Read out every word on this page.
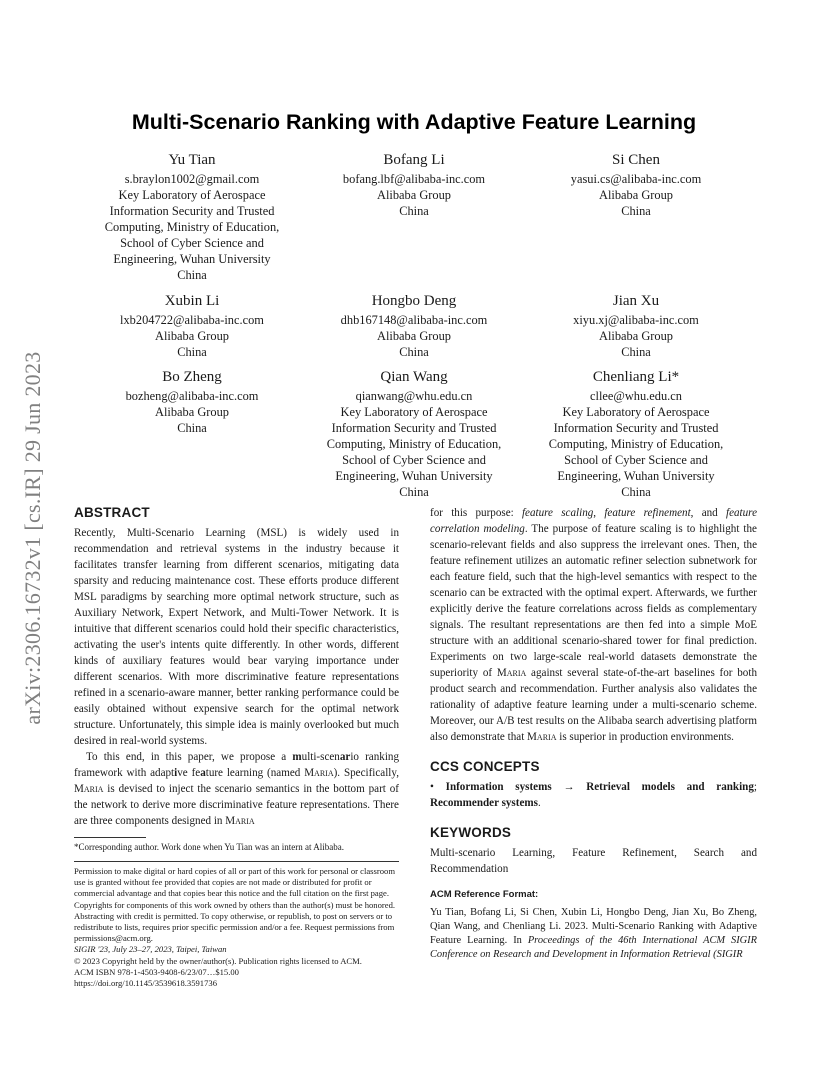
arXiv:2306.16732v1 [cs.IR] 29 Jun 2023
Multi-Scenario Ranking with Adaptive Feature Learning
Yu Tian
s.braylon1002@gmail.com
Key Laboratory of Aerospace
Information Security and Trusted
Computing, Ministry of Education,
School of Cyber Science and
Engineering, Wuhan University
China
Bofang Li
bofang.lbf@alibaba-inc.com
Alibaba Group
China
Si Chen
yasui.cs@alibaba-inc.com
Alibaba Group
China
Xubin Li
lxb204722@alibaba-inc.com
Alibaba Group
China
Hongbo Deng
dhb167148@alibaba-inc.com
Alibaba Group
China
Jian Xu
xiyu.xj@alibaba-inc.com
Alibaba Group
China
Bo Zheng
bozheng@alibaba-inc.com
Alibaba Group
China
Qian Wang
qianwang@whu.edu.cn
Key Laboratory of Aerospace
Information Security and Trusted
Computing, Ministry of Education,
School of Cyber Science and
Engineering, Wuhan University
China
Chenliang Li*
cllee@whu.edu.cn
Key Laboratory of Aerospace
Information Security and Trusted
Computing, Ministry of Education,
School of Cyber Science and
Engineering, Wuhan University
China
ABSTRACT

Recently, Multi-Scenario Learning (MSL) is widely used in recommendation and retrieval systems in the industry because it facilitates transfer learning from different scenarios, mitigating data sparsity and reducing maintenance cost. These efforts produce different MSL paradigms by searching more optimal network structure, such as Auxiliary Network, Expert Network, and Multi-Tower Network. It is intuitive that different scenarios could hold their specific characteristics, activating the user's intents quite differently. In other words, different kinds of auxiliary features would bear varying importance under different scenarios. With more discriminative feature representations refined in a scenario-aware manner, better ranking performance could be easily obtained without expensive search for the optimal network structure. Unfortunately, this simple idea is mainly overlooked but much desired in real-world systems.

To this end, in this paper, we propose a multi-scenario ranking framework with adaptive feature learning (named Maria). Specifically, Maria is devised to inject the scenario semantics in the bottom part of the network to derive more discriminative feature representations. There are three components designed in Maria

*Corresponding author. Work done when Yu Tian was an intern at Alibaba.
Permission to make digital or hard copies of all or part of this work for personal or classroom use is granted without fee provided that copies are not made or distributed for profit or commercial advantage and that copies bear this notice and the full citation on the first page. Copyrights for components of this work owned by others than the author(s) must be honored. Abstracting with credit is permitted. To copy otherwise, or republish, to post on servers or to redistribute to lists, requires prior specific permission and/or a fee. Request permissions from permissions@acm.org.
SIGIR '23, July 23–27, 2023, Taipei, Taiwan
© 2023 Copyright held by the owner/author(s). Publication rights licensed to ACM.
ACM ISBN 978-1-4503-9408-6/23/07…$15.00
https://doi.org/10.1145/3539618.3591736

for this purpose: feature scaling, feature refinement, and feature correlation modeling. The purpose of feature scaling is to highlight the scenario-relevant fields and also suppress the irrelevant ones. Then, the feature refinement utilizes an automatic refiner selection subnetwork for each feature field, such that the high-level semantics with respect to the scenario can be extracted with the optimal expert. Afterwards, we further explicitly derive the feature correlations across fields as complementary signals. The resultant representations are then fed into a simple MoE structure with an additional scenario-shared tower for final prediction. Experiments on two large-scale real-world datasets demonstrate the superiority of Maria against several state-of-the-art baselines for both product search and recommendation. Further analysis also validates the rationality of adaptive feature learning under a multi-scenario scheme. Moreover, our A/B test results on the Alibaba search advertising platform also demonstrate that Maria is superior in production environments.

CCS CONCEPTS

• Information systems → Retrieval models and ranking; Recommender systems.

KEYWORDS

Multi-scenario Learning, Feature Refinement, Search and Recommendation

ACM Reference Format:
Yu Tian, Bofang Li, Si Chen, Xubin Li, Hongbo Deng, Jian Xu, Bo Zheng, Qian Wang, and Chenliang Li. 2023. Multi-Scenario Ranking with Adaptive Feature Learning. In Proceedings of the 46th International ACM SIGIR Conference on Research and Development in Information Retrieval (SIGIR
